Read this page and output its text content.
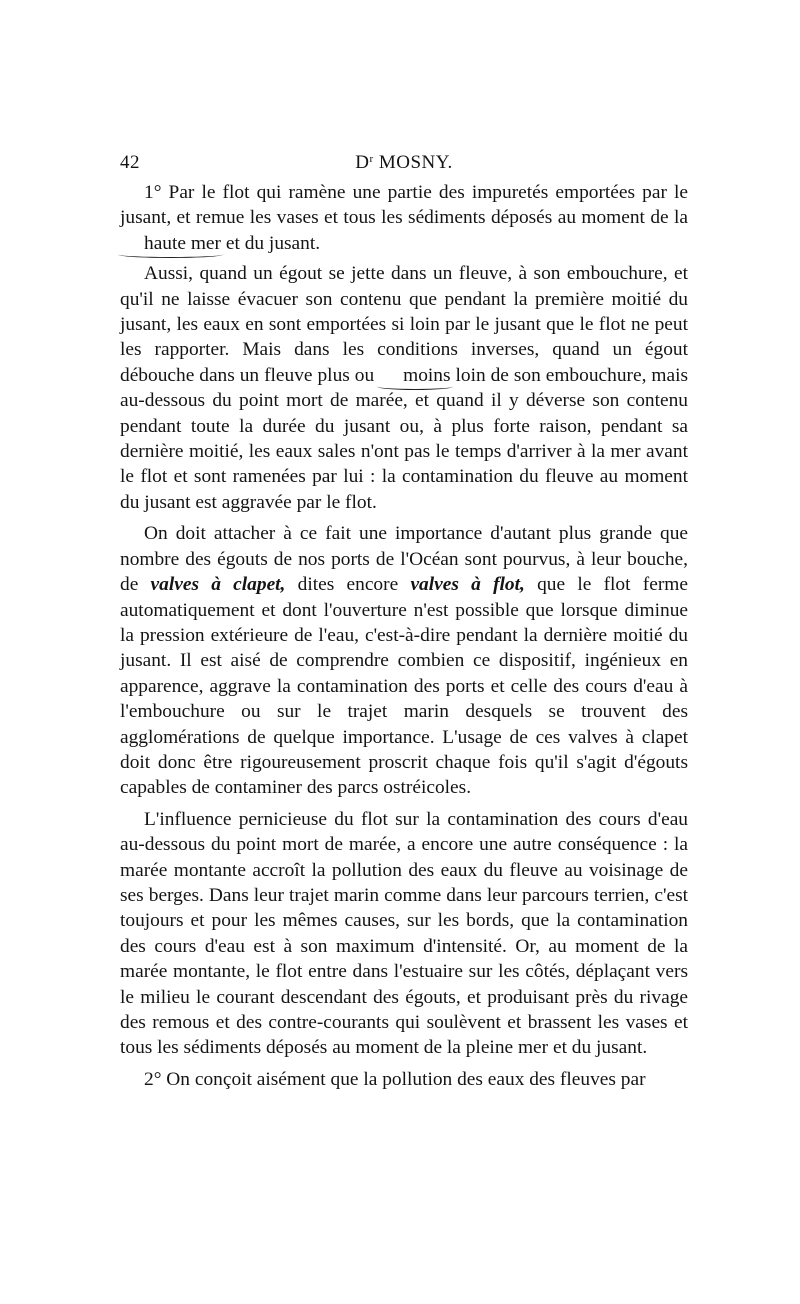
42	$D^r$ MOSNY.

1° Par le flot qui ramène une partie des impuretés emportées par le jusant, et remue les vases et tous les sédiments déposés au moment de la haute mer et du jusant.

Aussi, quand un égout se jette dans un fleuve, à son embouchure, et qu'il ne laisse évacuer son contenu que pendant la première moitié du jusant, les eaux en sont emportées si loin par le jusant que le flot ne peut les rapporter. Mais dans les conditions inverses, quand un égout débouche dans un fleuve plus ou moins loin de son embouchure, mais au-dessous du point mort de marée, et quand il y déverse son contenu pendant toute la durée du jusant ou, à plus forte raison, pendant sa dernière moitié, les eaux sales n'ont pas le temps d'arriver à la mer avant le flot et sont ramenées par lui : la contamination du fleuve au moment du jusant est aggravée par le flot.

On doit attacher à ce fait une importance d'autant plus grande que nombre des égouts de nos ports de l'Océan sont pourvus, à leur bouche, de valves à clapet, dites encore valves à flot, que le flot ferme automatiquement et dont l'ouverture n'est possible que lorsque diminue la pression extérieure de l'eau, c'est-à-dire pendant la dernière moitié du jusant. Il est aisé de comprendre combien ce dispositif, ingénieux en apparence, aggrave la contamination des ports et celle des cours d'eau à l'embouchure ou sur le trajet marin desquels se trouvent des agglomérations de quelque importance. L'usage de ces valves à clapet doit donc être rigoureusement proscrit chaque fois qu'il s'agit d'égouts capables de contaminer des parcs ostréicoles.

L'influence pernicieuse du flot sur la contamination des cours d'eau au-dessous du point mort de marée, a encore une autre conséquence : la marée montante accroît la pollution des eaux du fleuve au voisinage de ses berges. Dans leur trajet marin comme dans leur parcours terrien, c'est toujours et pour les mêmes causes, sur les bords, que la contamination des cours d'eau est à son maximum d'intensité. Or, au moment de la marée montante, le flot entre dans l'estuaire sur les côtés, déplaçant vers le milieu le courant descendant des égouts, et produisant près du rivage des remous et des contre-courants qui soulèvent et brassent les vases et tous les sédiments déposés au moment de la pleine mer et du jusant.

2° On conçoit aisément que la pollution des eaux des fleuves par
